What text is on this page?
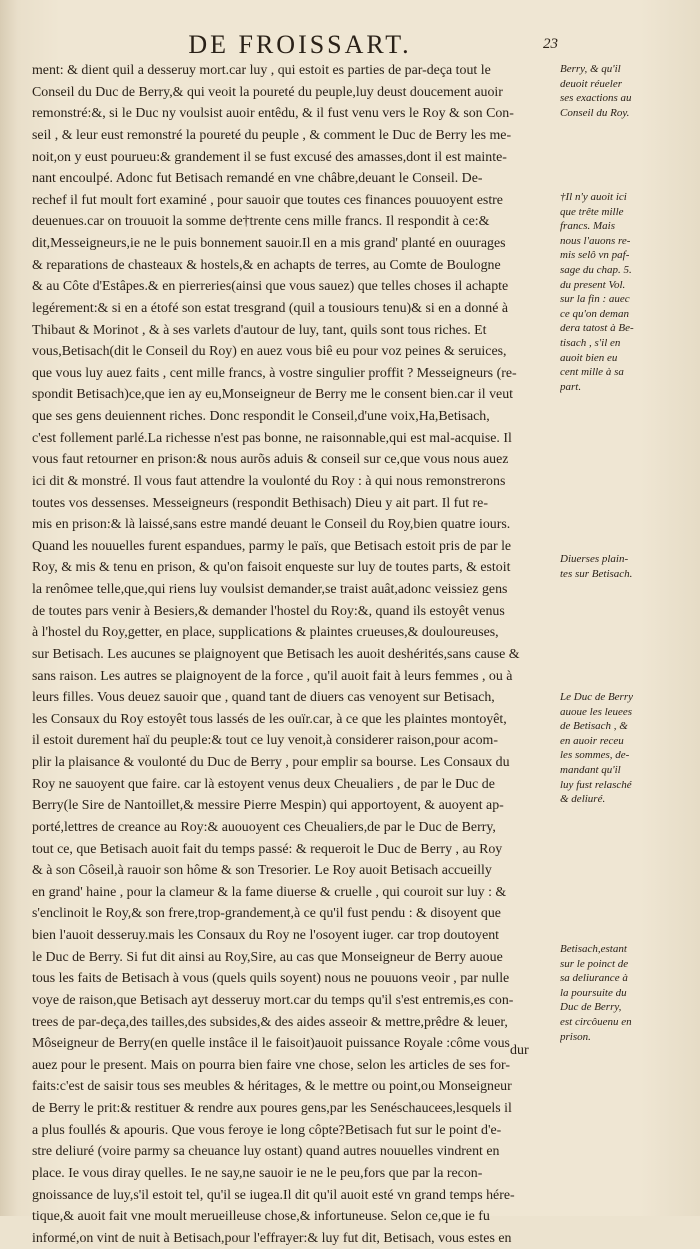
DE FROISSART.	23
ment: & dient quil a desseruy mort.car luy , qui estoit es parties de par-deça tout le
Conseil du Duc de Berry,& qui veoit la poureté du peuple,luy deust doucement auoir
remonstré:&, si le Duc ny voulsist auoir entêdu, & il fust venu vers le Roy & son Con-
seil , & leur eust remonstré la poureté du peuple , & comment le Duc de Berry les me-
noit,on y eust pourueu:& grandement il se fust excusé des amasses,dont il est mainte-
nant encoulpé. Adonc fut Betisach remandé en vne châbre,deuant le Conseil. De-
rechef il fut moult fort examiné , pour sauoir que toutes ces finances pouuoyent estre
deuenues.car on trouuoit la somme de†trente cens mille francs. Il respondit à ce:&
dit,Messeigneurs,ie ne le puis bonnement sauoir.Il en a mis grand' planté en ouurages
& reparations de chasteaux & hostels,& en achapts de terres, au Comte de Boulogne
& au Côte d'Estâpes.& en pierreries(ainsi que vous sauez) que telles choses il achapte
legérement:& si en a étofé son estat tresgrand (quil a tousiours tenu)& si en a donné à
Thibaut & Morinot , & à ses varlets d'autour de luy, tant, quils sont tous riches. Et
vous,Betisach(dit le Conseil du Roy) en auez vous biê eu pour voz peines & seruices,
que vous luy auez faits , cent mille francs, à vostre singulier proffit ? Messeigneurs (re-
spondit Betisach)ce,que ien ay eu,Monseigneur de Berry me le consent bien.car il veut
que ses gens deuiennent riches. Donc respondit le Conseil,d'une voix,Ha,Betisach,
c'est follement parlé.La richesse n'est pas bonne, ne raisonnable,qui est mal-acquise. Il
vous faut retourner en prison:& nous aurõs aduis & conseil sur ce,que vous nous auez
ici dit & monstré. Il vous faut attendre la voulonté du Roy : à qui nous remonstrerons
toutes vos dessenses. Messeigneurs (respondit Bethisach) Dieu y ait part. Il fut re-
mis en prison:& là laissé,sans estre mandé deuant le Conseil du Roy,bien quatre iours.
Quand les nouuelles furent espandues, parmy le païs, que Betisach estoit pris de par le
Roy, & mis & tenu en prison, & qu'on faisoit enqueste sur luy de toutes parts, & estoit
la renômee telle,que,qui riens luy voulsist demander,se traist auât,adonc veissiez gens
de toutes pars venir à Besiers,& demander l'hostel du Roy:&, quand ils estoyêt venus
à l'hostel du Roy,getter, en place, supplications & plaintes crueuses,& douloureuses,
sur Betisach. Les aucunes se plaignoyent que Betisach les auoit deshérités,sans cause &
sans raison. Les autres se plaignoyent de la force , qu'il auoit fait à leurs femmes , ou à
leurs filles. Vous deuez sauoir que , quand tant de diuers cas venoyent sur Betisach,
les Consaux du Roy estoyêt tous lassés de les ouïr.car, à ce que les plaintes montoyêt,
il estoit durement haï du peuple:& tout ce luy venoit,à considerer raison,pour acom-
plir la plaisance & voulonté du Duc de Berry , pour emplir sa bourse. Les Consaux du
Roy ne sauoyent que faire. car là estoyent venus deux Cheualiers , de par le Duc de
Berry(le Sire de Nantoillet,& messire Pierre Mespin) qui apportoyent, & auoyent ap-
porté,lettres de creance au Roy:& auouoyent ces Cheualiers,de par le Duc de Berry,
tout ce, que Betisach auoit fait du temps passé: & requeroit le Duc de Berry , au Roy
& à son Côseil,à rauoir son hôme & son Tresorier. Le Roy auoit Betisach accueilly
en grand' haine , pour la clameur & la fame diuerse & cruelle , qui couroit sur luy : &
s'enclinoit le Roy,& son frere,trop-grandement,à ce qu'il fust pendu : & disoyent que
bien l'auoit desseruy.mais les Consaux du Roy ne l'osoyent iuger. car trop doutoyent
le Duc de Berry. Si fut dit ainsi au Roy,Sire, au cas que Monseigneur de Berry auoue
tous les faits de Betisach à vous (quels quils soyent) nous ne pouuons veoir , par nulle
voye de raison,que Betisach ayt desseruy mort.car du temps qu'il s'est entremis,es con-
trees de par-deça,des tailles,des subsides,& des aides asseoir & mettre,prêdre & leuer,
Môseigneur de Berry(en quelle instâce il le faisoit)auoit puissance Royale :côme vous
auez pour le present. Mais on pourra bien faire vne chose, selon les articles de ses for-
faits:c'est de saisir tous ses meubles & héritages, & le mettre ou point,ou Monseigneur
de Berry le prit:& restituer & rendre aux poures gens,par les Senéschaucees,lesquels il
a plus foullés & apouris. Que vous feroye ie long côpte?Betisach fut sur le point d'e-
stre deliuré (voire parmy sa cheuance luy ostant) quand autres nouuelles vindrent en
place. Ie vous diray quelles. Ie ne say,ne sauoir ie ne le peu,fors que par la recon-
gnoissance de luy,s'il estoit tel, qu'il se iugea.Il dit qu'il auoit esté vn grand temps hére-
tique,& auoit fait vne moult merueilleuse chose,& infortuneuse. Selon ce,que ie fu
informé,on vint de nuit à Betisach,pour l'effrayer:& luy fut dit, Betisach, vous estes en
dur
Berry, & qu'il
deuoit réueler
ses exactions au
Conseil du Roy.
†Il n'y auoit ici
que trête mille
francs. Mais
nous l'auons re-
mis selô vn paf-
sage du chap. 5.
du present Vol.
sur la fin : auec
ce qu'on deman
dera tatost à Be-
tisach , s'il en
auoit bien eu
cent mille à sa
part.
Diuerses plain-
tes sur Betisach.
Le Duc de Berry
auoue les leuees
de Betisach , &
en auoir receu
les sommes, de-
mandant qu'il
luy fust relasché
& deliuré.
Betisach,estant
sur le poinct de
sa deliurance à
la poursuite du
Duc de Berry,
est circôuenu en
prison.
